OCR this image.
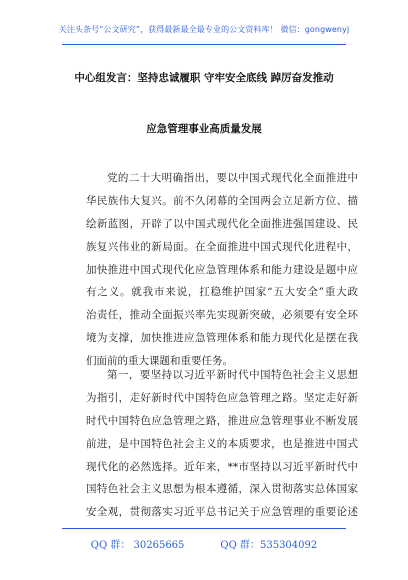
关注头条号“公文研究”，获得最新最全最专业的公文资料库！ 微信：gongwenyj
中心组发言：坚持忠诚履职 守牢安全底线 踔厉奋发推动
应急管理事业高质量发展
党的二十大明确指出，要以中国式现代化全面推进中
华民族伟大复兴。前不久闭幕的全国两会立足新方位、描
绘新蓝图，开辟了以中国式现代化全面推进强国建设、民
族复兴伟业的新局面。在全面推进中国式现代化进程中，
加快推进中国式现代化应急管理体系和能力建设是题中应
有之义。就我市来说，扛稳维护国家“五大安全”重大政
治责任，推动全面振兴率先实现新突破，必须要有安全环
境为支撑，加快推进应急管理体系和能力现代化是摆在我
们面前的重大课题和重要任务。
第一，要坚持以习近平新时代中国特色社会主义思想
为指引，走好新时代中国特色应急管理之路。坚定走好新
时代中国特色应急管理之路，推进应急管理事业不断发展
前进，是中国特色社会主义的本质要求，也是推进中国式
现代化的必然选择。近年来，**市坚持以习近平新时代中
国特色社会主义思想为根本遵循，深入贯彻落实总体国家
安全观，贯彻落实习近平总书记关于应急管理的重要论述
QQ 群： 30265665	QQ 群：535304092
